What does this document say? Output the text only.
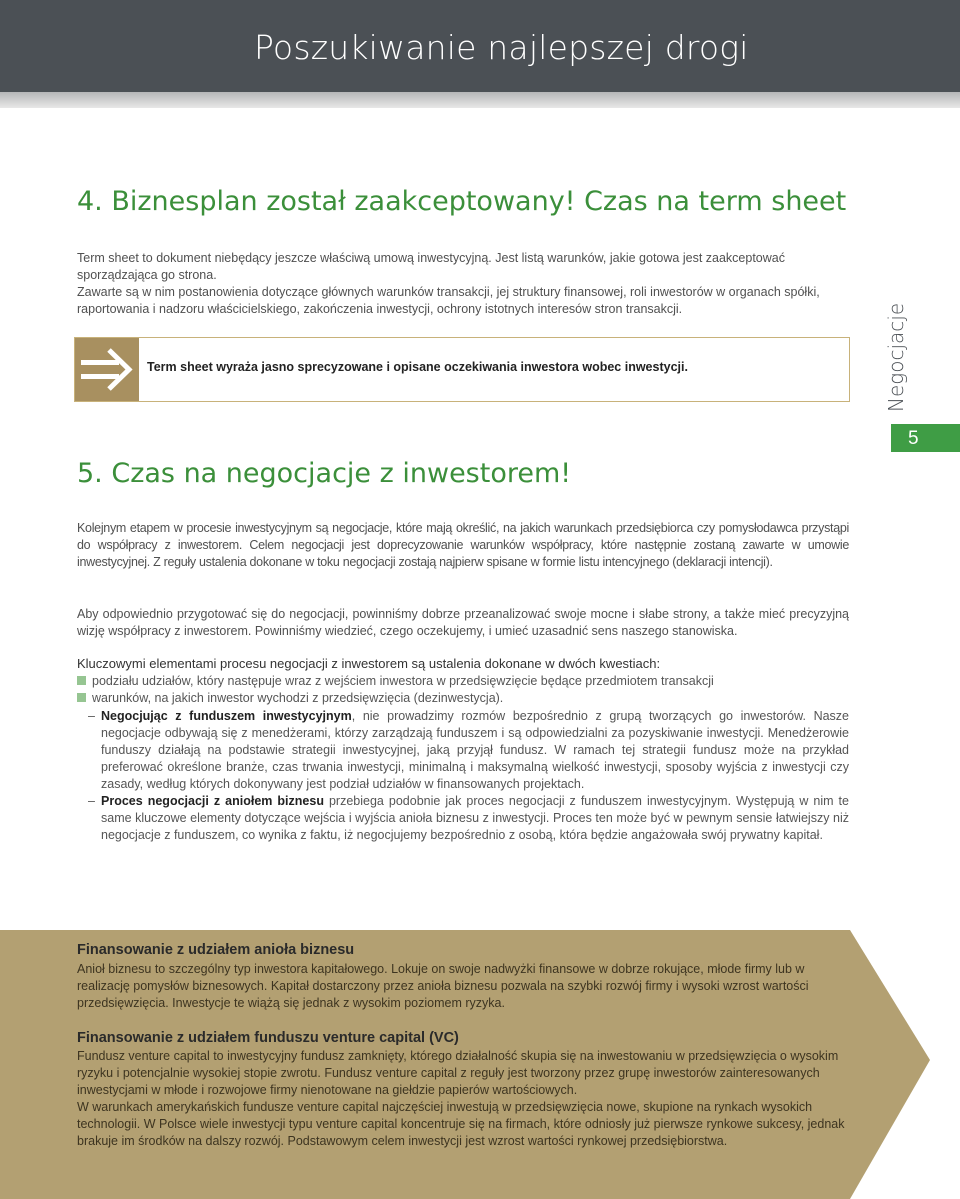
Poszukiwanie najlepszej drogi
4. Biznesplan został zaakceptowany! Czas na term sheet

Term sheet to dokument niebędący jeszcze właściwą umową inwestycyjną. Jest listą warunków, jakie gotowa jest zaakceptować

sporządzająca go strona.

Zawarte są w nim postanowienia dotyczące głównych warunków transakcji, jej struktury finansowej, roli inwestorów w organach spółki, raportowania i nadzoru właścicielskiego, zakończenia inwestycji, ochrony istotnych interesów stron transakcji.

Term sheet wyraża jasno sprecyzowane i opisane oczekiwania inwestora wobec inwestycji.	Negocjacje
5
5. Czas na negocjacje z inwestorem!

Kolejnym etapem w procesie inwestycyjnym są negocjacje, które mają określić, na jakich warunkach przedsiębiorca czy pomysłodawca przystąpi do współpracy z inwestorem. Celem negocjacji jest doprecyzowanie warunków współpracy, które następnie zostaną zawarte w umowie inwestycyjnej. Z reguły ustalenia dokonane w toku negocjacji zostają najpierw spisane w formie listu intencyjnego (deklaracji intencji).

Aby odpowiednio przygotować się do negocjacji, powinniśmy dobrze przeanalizować swoje mocne i słabe strony, a także mieć precyzyjną wizję współpracy z inwestorem. Powinniśmy wiedzieć, czego oczekujemy, i umieć uzasadnić sens naszego stanowiska.

Kluczowymi elementami procesu negocjacji z inwestorem są ustalenia dokonane w dwóch kwestiach:
podziału udziałów, który następuje wraz z wejściem inwestora w przedsięwzięcie będące przedmiotem transakcji
warunków, na jakich inwestor wychodzi z przedsięwzięcia (dezinwestycja).
– Negocjując z funduszem inwestycyjnym, nie prowadzimy rozmów bezpośrednio z grupą tworzących go inwestorów. Nasze negocjacje odbywają się z menedżerami, którzy zarządzają funduszem i są odpowiedzialni za pozyskiwanie inwestycji. Menedżerowie funduszy działają na podstawie strategii inwestycyjnej, jaką przyjął fundusz. W ramach tej strategii fundusz może na przykład preferować określone branże, czas trwania inwestycji, minimalną i maksymalną wielkość inwestycji, sposoby wyjścia z inwestycji czy zasady, według których dokonywany jest podział udziałów w finansowanych projektach.
– Proces negocjacji z aniołem biznesu przebiega podobnie jak proces negocjacji z funduszem inwestycyjnym. Występują w nim te same kluczowe elementy dotyczące wejścia i wyjścia anioła biznesu z inwestycji. Proces ten może być w pewnym sensie łatwiejszy niż negocjacje z funduszem, co wynika z faktu, iż negocjujemy bezpośrednio z osobą, która będzie angażowała swój prywatny kapitał.
Finansowanie z udziałem anioła biznesu

Anioł biznesu to szczególny typ inwestora kapitałowego. Lokuje on swoje nadwyżki finansowe w dobrze rokujące, młode firmy lub w realizację pomysłów biznesowych. Kapitał dostarczony przez anioła biznesu pozwala na szybki rozwój firmy i wysoki wzrost wartości przedsięwzięcia. Inwestycje te wiążą się jednak z wysokim poziomem ryzyka.

Finansowanie z udziałem funduszu venture capital (VC)

Fundusz venture capital to inwestycyjny fundusz zamknięty, którego działalność skupia się na inwestowaniu w przedsięwzięcia o wysokim ryzyku i potencjalnie wysokiej stopie zwrotu. Fundusz venture capital z reguły jest tworzony przez grupę inwestorów zainteresowanych inwestycjami w młode i rozwojowe firmy nienotowane na giełdzie papierów wartościowych.

W warunkach amerykańskich fundusze venture capital najczęściej inwestują w przedsięwzięcia nowe, skupione na rynkach wysokich technologii. W Polsce wiele inwestycji typu venture capital koncentruje się na firmach, które odniosły już pierwsze rynkowe sukcesy, jednak brakuje im środków na dalszy rozwój. Podstawowym celem inwestycji jest wzrost wartości rynkowej przedsiębiorstwa.
